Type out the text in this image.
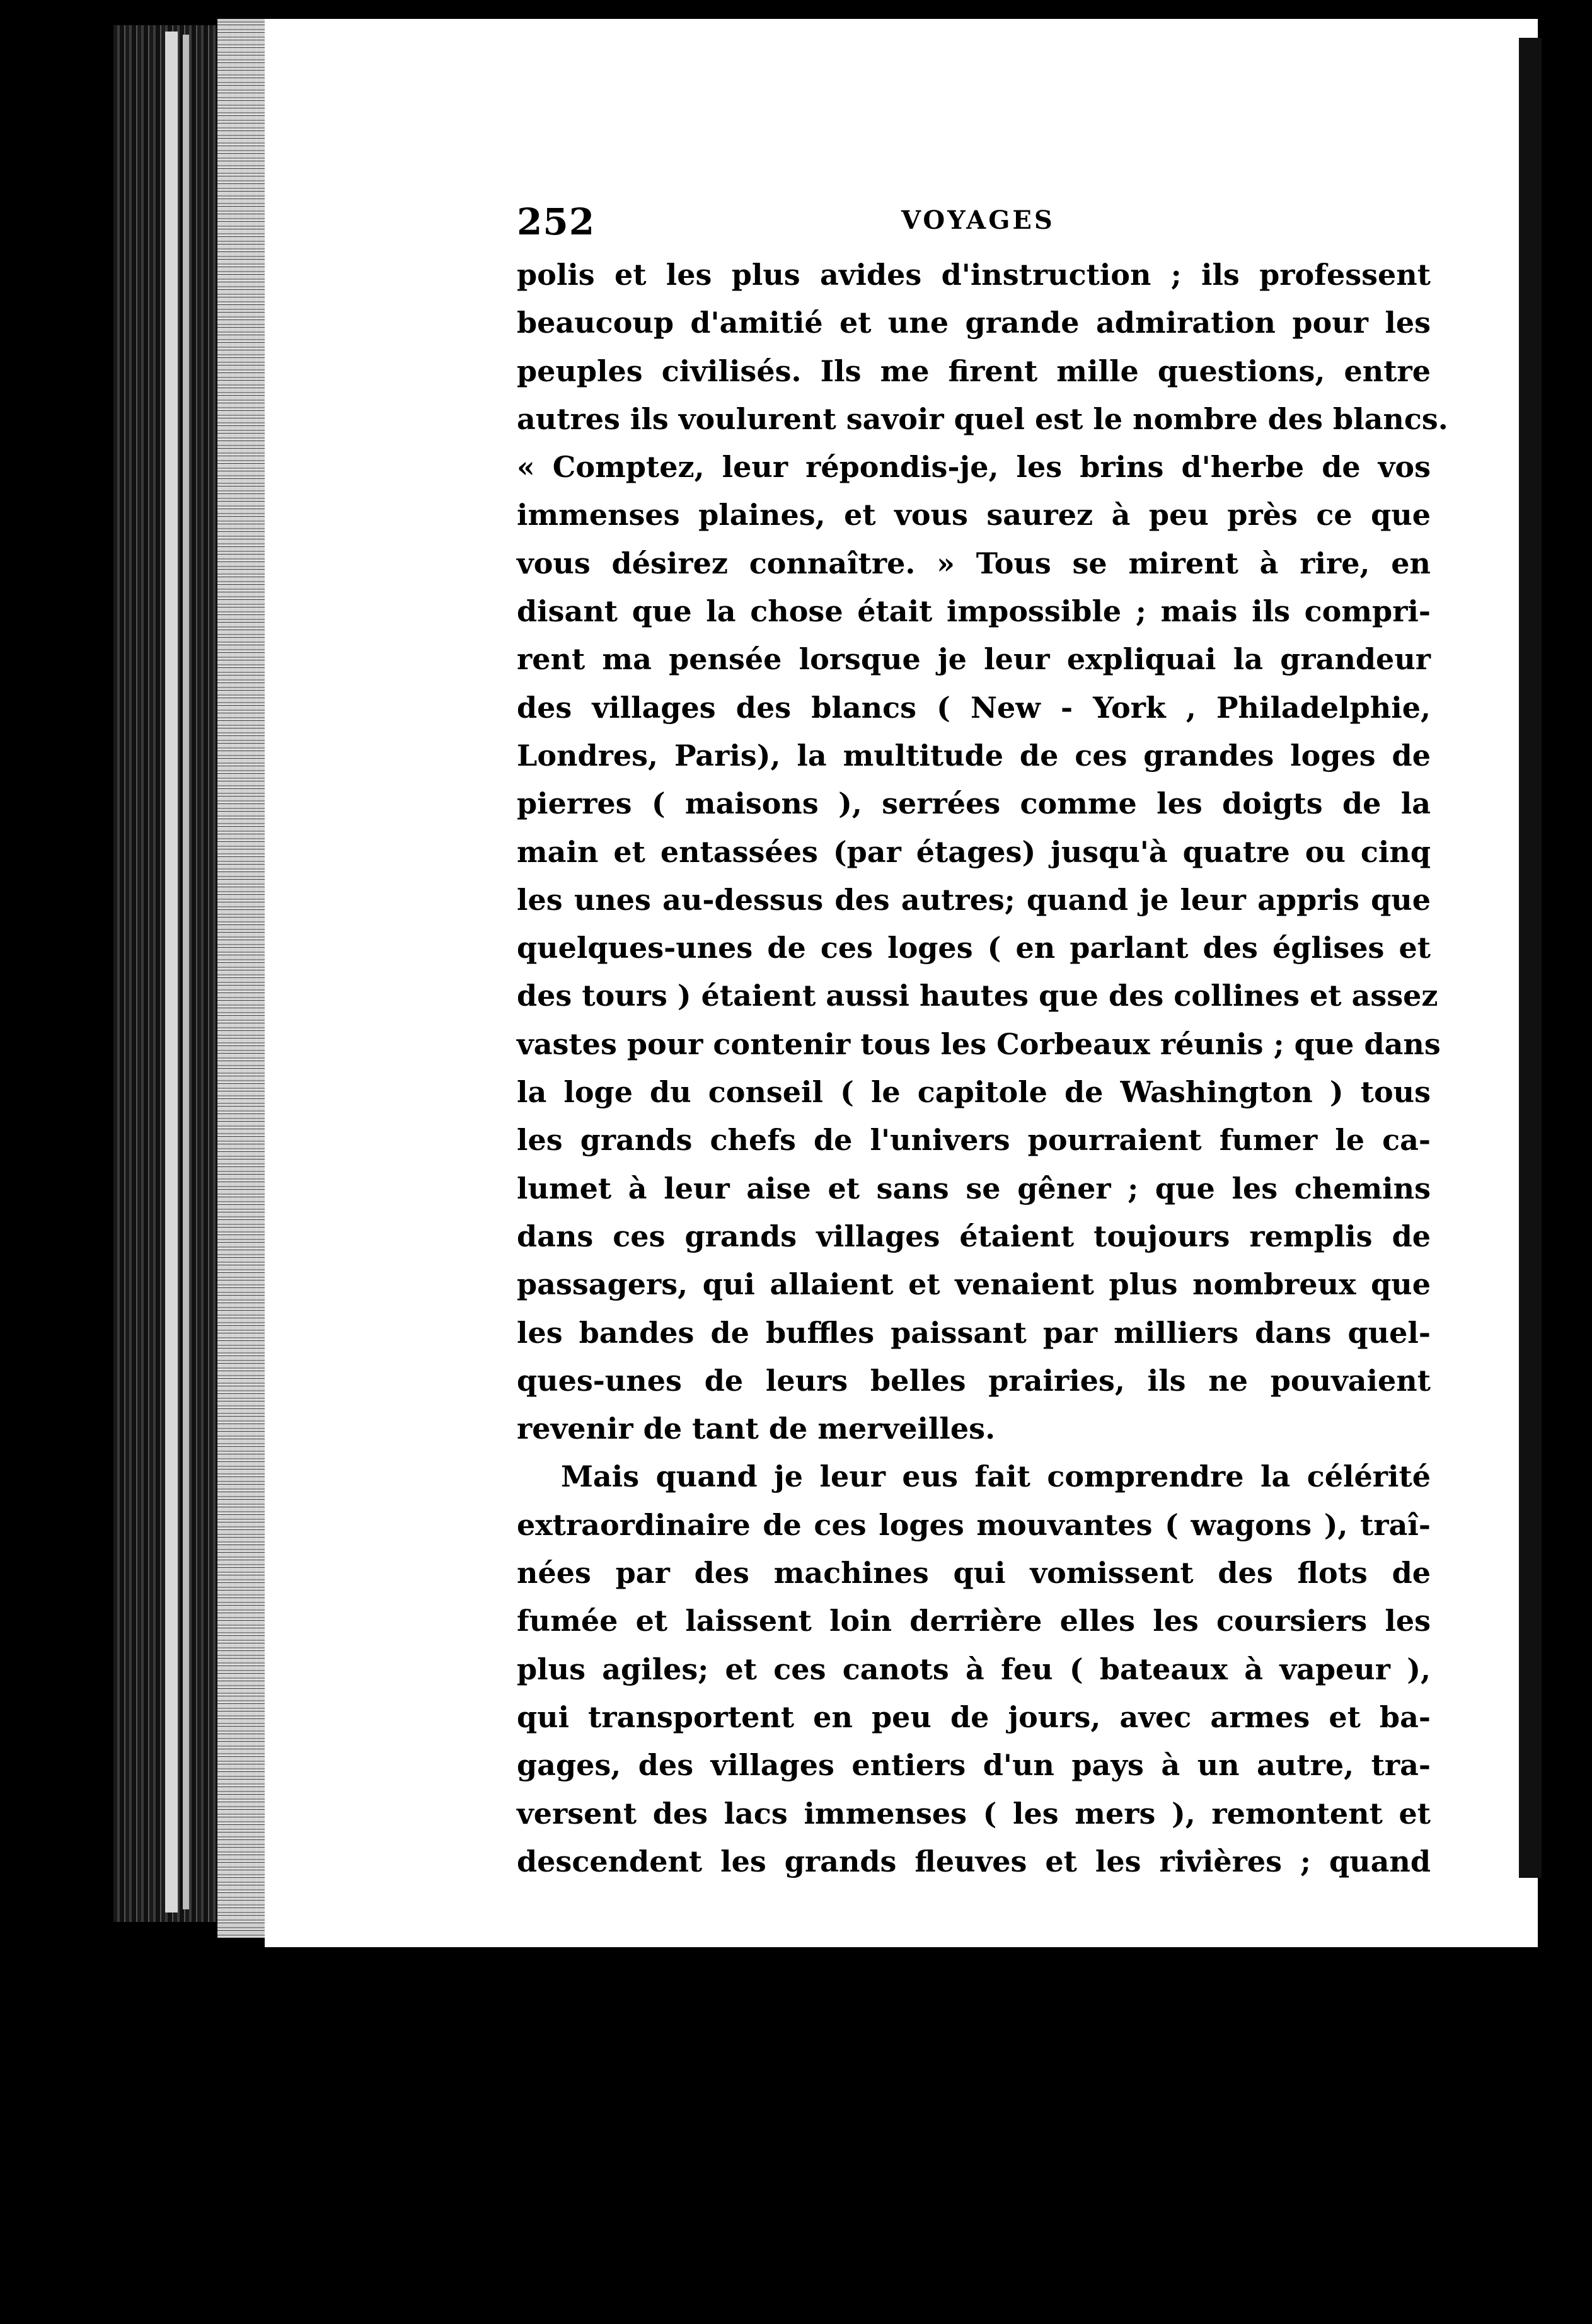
252	VOYAGES
polis et les plus avides d'instruction ; ils professent
beaucoup d'amitié et une grande admiration pour les
peuples civilisés. Ils me firent mille questions, entre
autres ils voulurent savoir quel est le nombre des blancs.
« Comptez, leur répondis-je, les brins d'herbe de vos
immenses plaines, et vous saurez à peu près ce que
vous désirez connaître. » Tous se mirent à rire, en
disant que la chose était impossible ; mais ils compri-
rent ma pensée lorsque je leur expliquai la grandeur
des villages des blancs ( New - York , Philadelphie,
Londres, Paris), la multitude de ces grandes loges de
pierres ( maisons ), serrées comme les doigts de la
main et entassées (par étages) jusqu'à quatre ou cinq
les unes au-dessus des autres; quand je leur appris que
quelques-unes de ces loges ( en parlant des églises et
des tours ) étaient aussi hautes que des collines et assez
vastes pour contenir tous les Corbeaux réunis ; que dans
la loge du conseil ( le capitole de Washington ) tous
les grands chefs de l'univers pourraient fumer le ca-
lumet à leur aise et sans se gêner ; que les chemins
dans ces grands villages étaient toujours remplis de
passagers, qui allaient et venaient plus nombreux que
les bandes de buffles paissant par milliers dans quel-
ques-unes de leurs belles prairies, ils ne pouvaient
revenir de tant de merveilles.
Mais quand je leur eus fait comprendre la célérité
extraordinaire de ces loges mouvantes ( wagons ), traî-
nées par des machines qui vomissent des flots de
fumée et laissent loin derrière elles les coursiers les
plus agiles; et ces canots à feu ( bateaux à vapeur ),
qui transportent en peu de jours, avec armes et ba-
gages, des villages entiers d'un pays à un autre, tra-
versent des lacs immenses ( les mers ), remontent et
descendent les grands fleuves et les rivières ; quand
